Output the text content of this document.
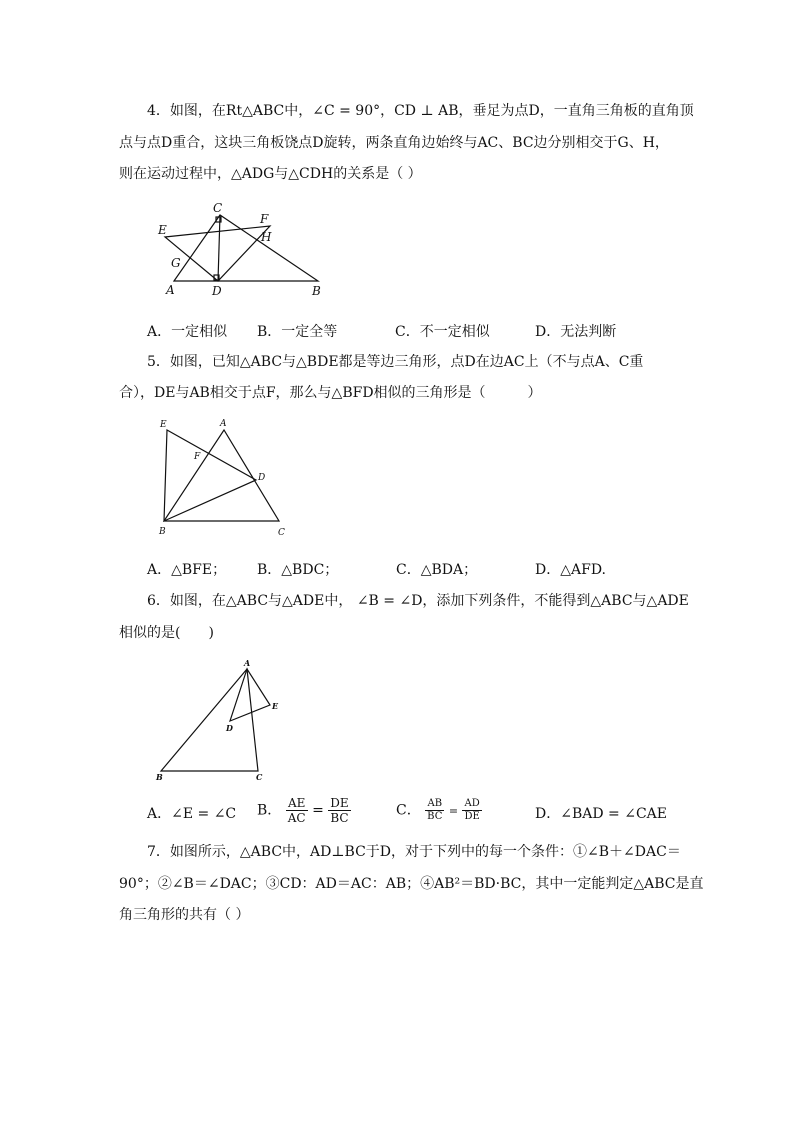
4．如图，在Rt△ABC中，∠C = 90°，CD ⊥ AB，垂足为点D，一直角三角板的直角顶
点与点D重合，这块三角板饶点D旋转，两条直角边始终与AC、BC边分别相交于G、H，
则在运动过程中，△ADG与△CDH的关系是（ ）
C
F
E	H
G
A	D	B
A．一定相似 B．一定全等	C．不一定相似	D．无法判断
5．如图，已知△ABC与△BDE都是等边三角形，点D在边AC上（不与点A、C重
合），DE与AB相交于点F，那么与△BFD相似的三角形是（　　　）
E	A
F
D
B	C
A．△BFE； B．△BDC；	C．△BDA；	D．△AFD.
6．如图，在△ABC与△ADE中， ∠B = ∠D，添加下列条件，不能得到△ABC与△ADE
相似的是(　　)
A
E
D
B	C
A．∠E = ∠C B． $\frac{AE}{AC} = \frac{DE}{BC}$	C． $\frac{AB}{BC} = \frac{AD}{DE}$	D．∠BAD = ∠CAE
7．如图所示，△ABC中，AD⊥BC于D，对于下列中的每一个条件：①∠B＋∠DAC＝
90°；②∠B＝∠DAC；③CD：AD＝AC：AB；④AB²＝BD·BC，其中一定能判定△ABC是直
角三角形的共有（ ）
